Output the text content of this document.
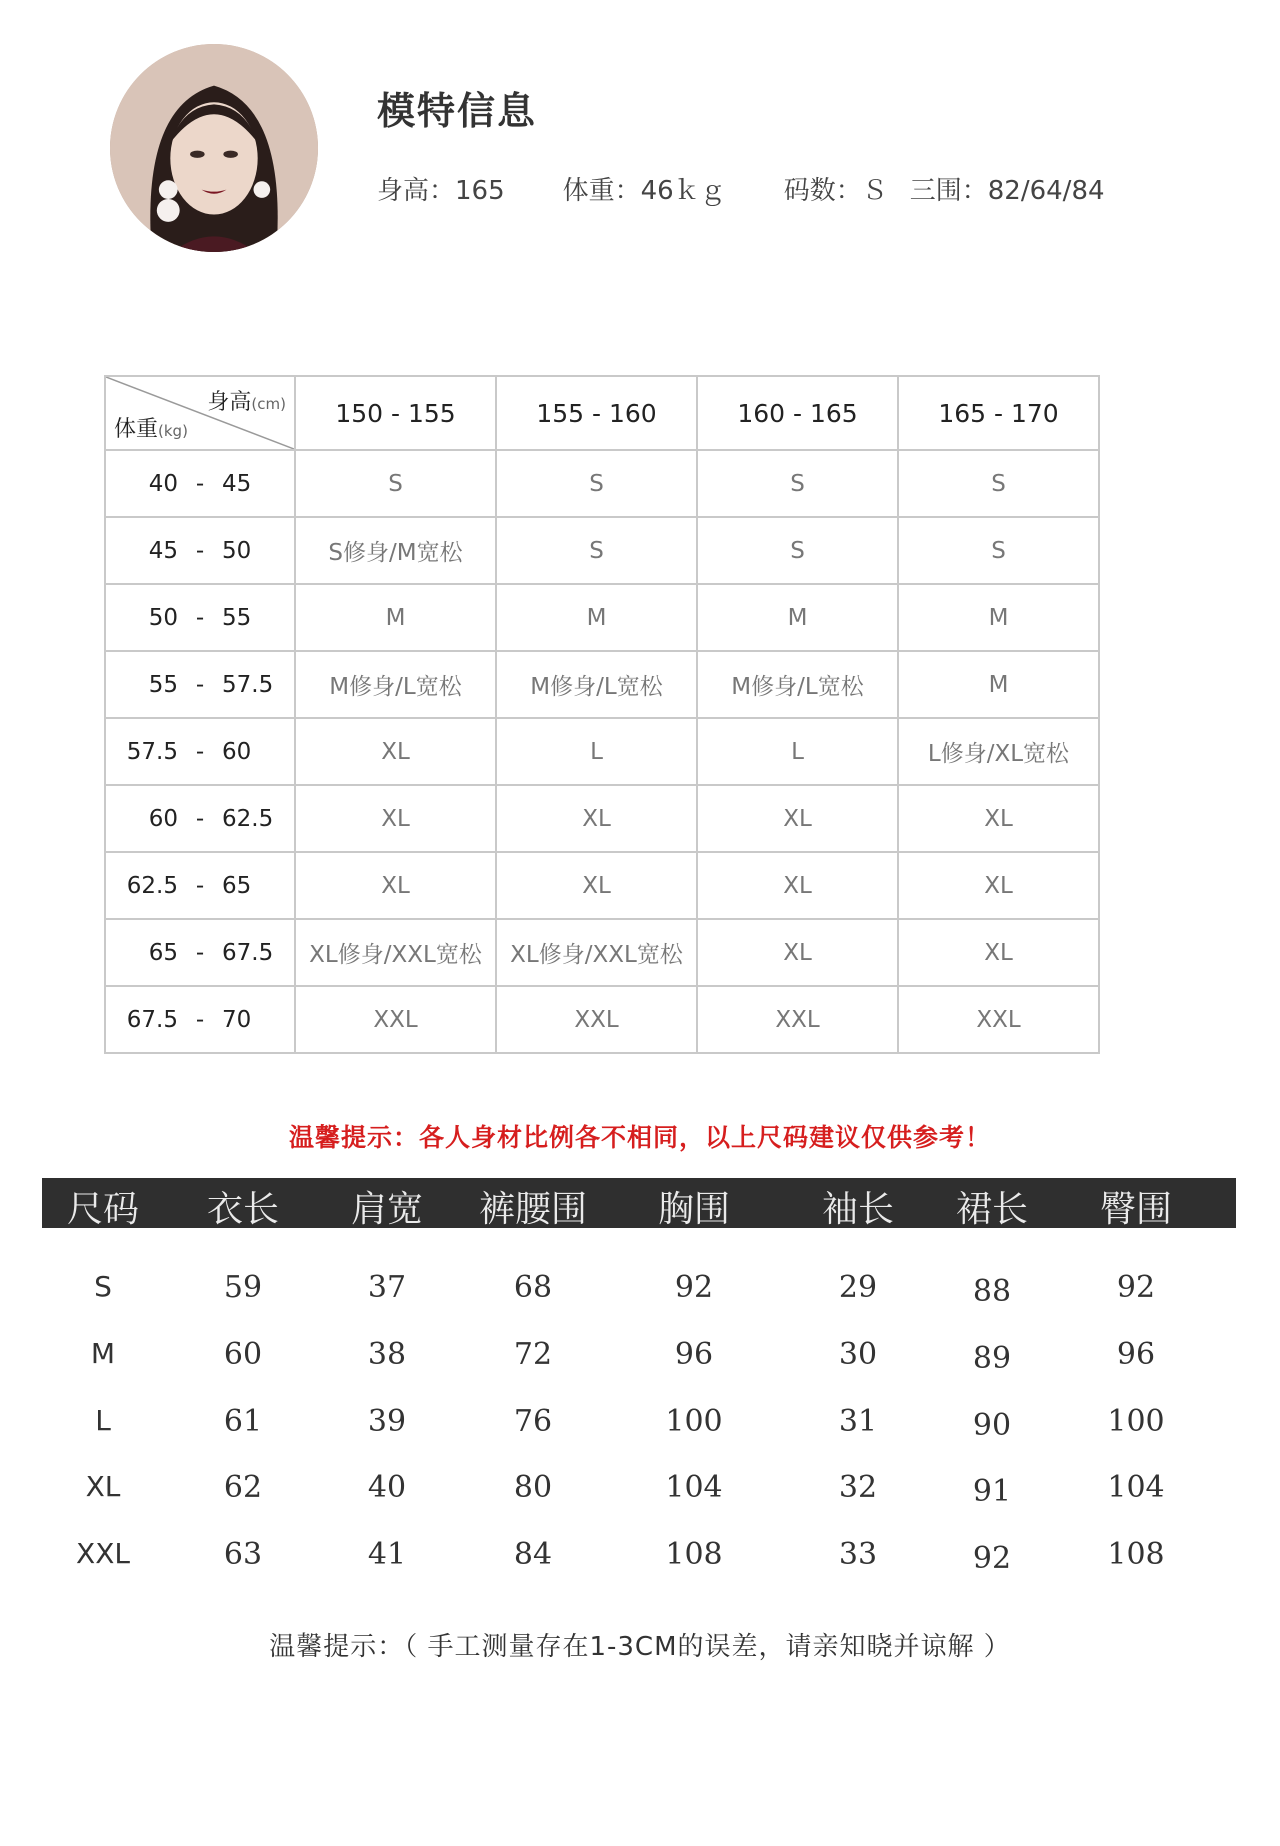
模特信息
身高：165 体重：46ｋｇ 码数：Ｓ 三围：82/64/84
身高(cm)
体重(kg)	150 - 155	155 - 160	160 - 165	165 - 170
40 - 45	S	S	S	S
45 - 50	S修身/M宽松	S	S	S
50 - 55	M	M	M	M
55 - 57.5	M修身/L宽松	M修身/L宽松	M修身/L宽松	M
57.5 - 60	XL	L	L	L修身/XL宽松
60 - 62.5	XL	XL	XL	XL
62.5 - 65	XL	XL	XL	XL
65 - 67.5	XL修身/XXL宽松	XL修身/XXL宽松	XL	XL
67.5 - 70	XXL	XXL	XXL	XXL
温馨提示：各人身材比例各不相同，以上尺码建议仅供参考！
尺码 衣长 肩宽 裤腰围 胸围	袖长 裙长 臀围
S	59	37	68	92	29	88	92
M	60	38	72	96	30	89	96
L	61	39	76	100	31	90	100
XL	62	40	80	104	32	91	104
XXL	63	41	84	108	33	92	108
温馨提示：（ 手工测量存在1-3CM的误差，请亲知晓并谅解 ）
